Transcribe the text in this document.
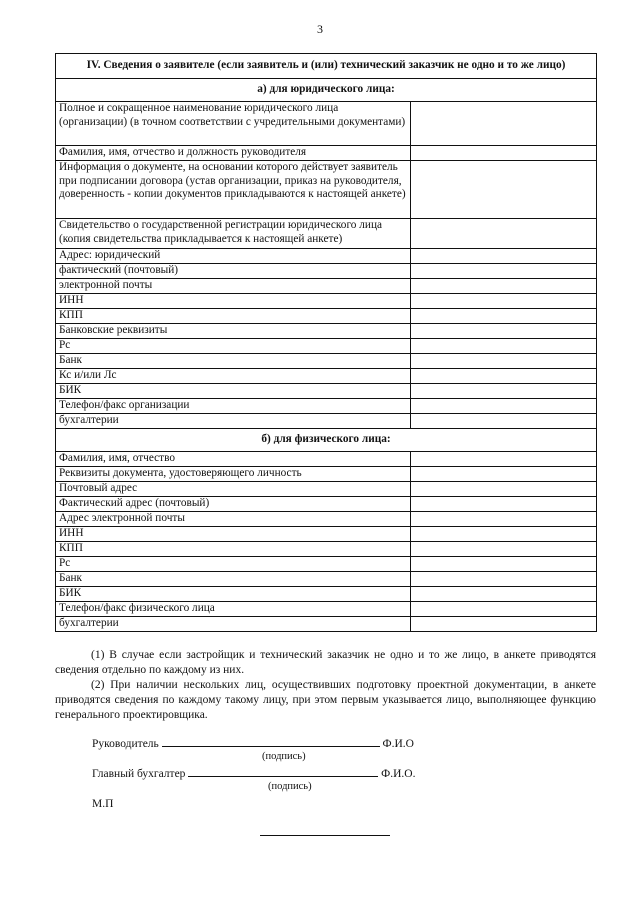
3
IV. Сведения о заявителе (если заявитель и (или) технический заказчик не одно и то же лицо)	
а) для юридического лица:	
Полное и сокращенное наименование юридического лица (организации) (в точном соответствии с учредительными документами)	
Фамилия, имя, отчество и должность руководителя	
Информация о документе, на основании которого действует заявитель при подписании договора (устав организации, приказ на руководителя, доверенность - копии документов прикладываются к настоящей анкете)	
Свидетельство о государственной регистрации юридического лица (копия свидетельства прикладывается к настоящей анкете)	
Адрес: юридический	
фактический (почтовый)	
электронной почты	
ИНН	
КПП	
Банковские реквизиты	
Рс	
Банк	
Кс и/или Лс	
БИК	
Телефон/факс организации	
бухгалтерии	
б) для физического лица:	
Фамилия, имя, отчество	
Реквизиты документа, удостоверяющего личность	
Почтовый адрес	
Фактический адрес (почтовый)	
Адрес электронной почты	
ИНН	
КПП	
Рс	
Банк	
БИК	
Телефон/факс физического лица	
бухгалтерии	

(1) В случае если застройщик и технический заказчик не одно и то же лицо, в анкете приводятся сведения отдельно по каждому из них.

(2) При наличии нескольких лиц, осуществивших подготовку проектной документации, в анкете приводятся сведения по каждому такому лицу, при этом первым указывается лицо, выполняющее функцию генерального проектировщика.

Руководитель	Ф.И.О
(подпись)
Главный бухгалтер	Ф.И.О.
(подпись)
М.П
